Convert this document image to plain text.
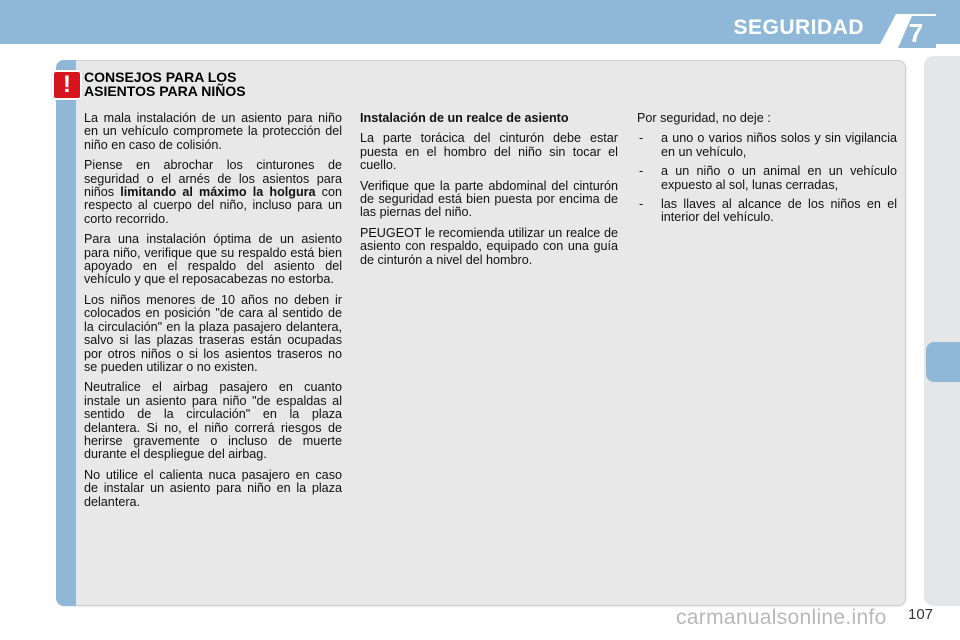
SEGURIDAD	7
! CONSEJOS PARA LOS
ASIENTOS PARA NIÑOS

La mala instalación de un asiento para niño en un vehículo compromete la protección del niño en caso de colisión.

Piense en abrochar los cinturones de seguridad o el arnés de los asientos para niños limitando al máximo la holgura con respecto al cuerpo del niño, incluso para un corto recorrido.

Para una instalación óptima de un asiento para niño, verifique que su respaldo está bien apoyado en el respaldo del asiento del vehículo y que el reposacabezas no estorba.

Los niños menores de 10 años no deben ir colocados en posición "de cara al sentido de la circulación" en la plaza pasajero delantera, salvo si las plazas traseras están ocupadas por otros niños o si los asientos traseros no se pueden utilizar o no existen.

Neutralice el airbag pasajero en cuanto instale un asiento para niño "de espaldas al sentido de la circulación" en la plaza delantera. Si no, el niño correrá riesgos de herirse gravemente o incluso de muerte durante el despliegue del airbag.

No utilice el calienta nuca pasajero en caso de instalar un asiento para niño en la plaza delantera.

Instalación de un realce de asiento

La parte torácica del cinturón debe estar puesta en el hombro del niño sin tocar el cuello.

Verifique que la parte abdominal del cinturón de seguridad está bien puesta por encima de las piernas del niño.

PEUGEOT le recomienda utilizar un realce de asiento con respaldo, equipado con una guía de cinturón a nivel del hombro.

Por seguridad, no deje :

- a uno o varios niños solos y sin vigilancia en un vehículo,
- a un niño o un animal en un vehículo expuesto al sol, lunas cerradas,
- las llaves al alcance de los niños en el interior del vehículo.
carmanualsonline.info 107
